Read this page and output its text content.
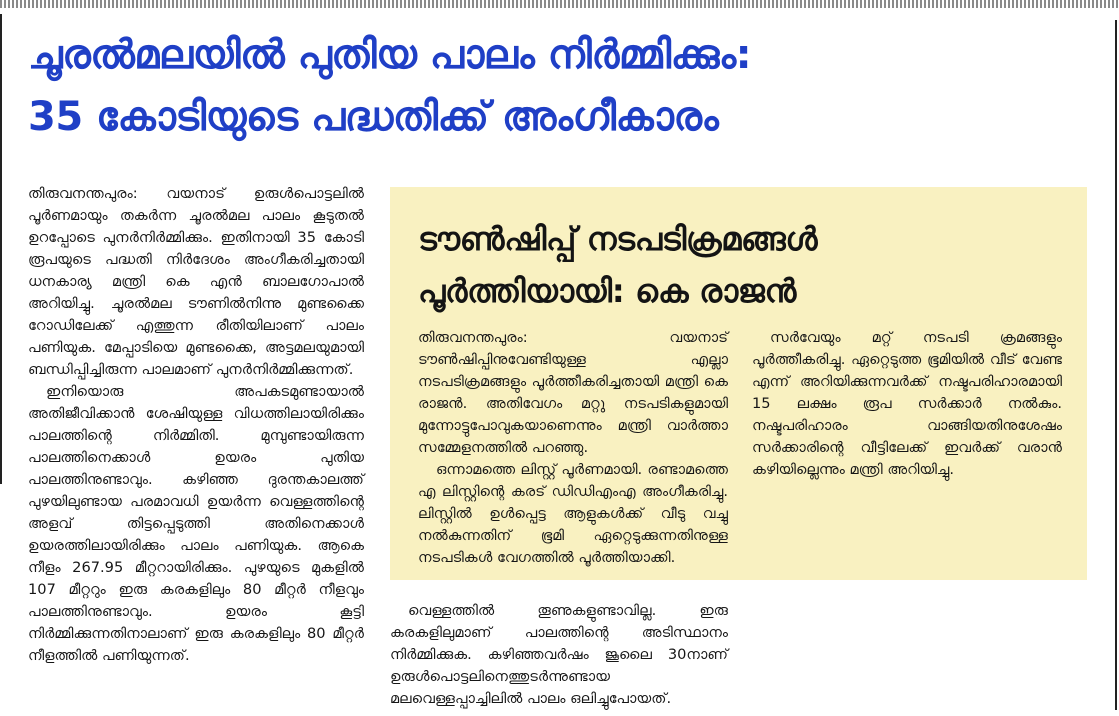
ചൂരൽമലയിൽ പുതിയ പാലം നിർമ്മിക്കും:
35 കോടിയുടെ പദ്ധതിക്ക് അംഗീകാരം

തിരുവനന്തപുരം: വയനാട് ഉരുൾപൊട്ടലിൽ പൂർണമായും തകർന്ന ചൂരൽമല പാലം കൂടുതൽ ഉറപ്പോടെ പുനർനിർമ്മിക്കും. ഇതിനായി 35 കോടി രൂപയുടെ പദ്ധതി നിർദേശം അംഗീകരിച്ചതായി ധനകാര്യ മന്ത്രി കെ എൻ ബാലഗോപാൽ അറിയിച്ചു. ചൂരൽമല ടൗണിൽനിന്നു മുണ്ടക്കൈ റോഡിലേക്ക് എത്തുന്ന രീതിയിലാണ് പാലം പണിയുക. മേപ്പാടിയെ മുണ്ടക്കൈ, അട്ടമലയുമായി ബന്ധിപ്പിച്ചിരുന്ന പാലമാണ് പുനർനിർമ്മിക്കുന്നത്.

ഇനിയൊരു അപകടമുണ്ടായാൽ അതിജീവിക്കാൻ ശേഷിയുള്ള വിധത്തിലായിരിക്കും പാലത്തിന്റെ നിർമ്മിതി. മുമ്പുണ്ടായിരുന്ന പാലത്തിനെക്കാൾ ഉയരം പുതിയ പാലത്തിനുണ്ടാവും. കഴിഞ്ഞ ദുരന്തകാലത്ത് പുഴയിലുണ്ടായ പരമാവധി ഉയർന്ന വെള്ളത്തിന്റെ അളവ് തിട്ടപ്പെടുത്തി അതിനെക്കാൾ ഉയരത്തിലായിരിക്കും പാലം പണിയുക. ആകെ നീളം 267.95 മീറ്ററായിരിക്കും. പുഴയുടെ മുകളിൽ 107 മീറ്ററും ഇരു കരകളിലും 80 മീറ്റർ നീളവും പാലത്തിനുണ്ടാവും. ഉയരം കൂട്ടി നിർമ്മിക്കുന്നതിനാലാണ് ഇരു കരകളിലും 80 മീറ്റർ നീളത്തിൽ പണിയുന്നത്.

ടൗൺഷിപ്പ് നടപടിക്രമങ്ങൾ
പൂർത്തിയായി: കെ രാജൻ

തിരുവനന്തപുരം: വയനാട് ടൗൺഷിപ്പിനുവേണ്ടിയുള്ള എല്ലാ നടപടിക്രമങ്ങളും പൂർത്തീകരിച്ചതായി മന്ത്രി കെ രാജൻ. അതിവേഗം മറ്റു നടപടികളുമായി മുന്നോട്ടുപോവുകയാണെന്നും മന്ത്രി വാർത്താ സമ്മേളനത്തിൽ പറഞ്ഞു.

ഒന്നാമത്തെ ലിസ്റ്റ് പൂർണമായി. രണ്ടാമത്തെ എ ലിസ്റ്റിന്റെ കരട് ഡിഡിഎംഎ അംഗീകരിച്ചു. ലിസ്റ്റിൽ ഉൾപ്പെട്ട ആളുകൾക്ക് വീടു വച്ചു നൽകുന്നതിന് ഭൂമി ഏറ്റെടുക്കുന്നതിനുള്ള നടപടികൾ വേഗത്തിൽ പൂർത്തിയാക്കി.

സർവേയും മറ്റ് നടപടി ക്രമങ്ങളും പൂർത്തീകരിച്ചു. ഏറ്റെടുത്ത ഭൂമിയിൽ വീട് വേണ്ട എന്ന് അറിയിക്കുന്നവർക്ക് നഷ്ടപരിഹാരമായി 15 ലക്ഷം രൂപ സർക്കാർ നൽകും. നഷ്ടപരിഹാരം വാങ്ങിയതിനുശേഷം സർക്കാരിന്റെ വീട്ടിലേക്ക് ഇവർക്ക് വരാൻ കഴിയില്ലെന്നും മന്ത്രി അറിയിച്ചു.

വെള്ളത്തിൽ തൂണുകളുണ്ടാവില്ല. ഇരു കരകളിലുമാണ് പാലത്തിന്റെ അടിസ്ഥാനം നിർമ്മിക്കുക. കഴിഞ്ഞവർഷം ജൂലൈ 30നാണ് ഉരുൾപൊട്ടലിനെത്തുടർന്നുണ്ടായ മലവെള്ളപ്പാച്ചിലിൽ പാലം ഒലിച്ചുപോയത്.
